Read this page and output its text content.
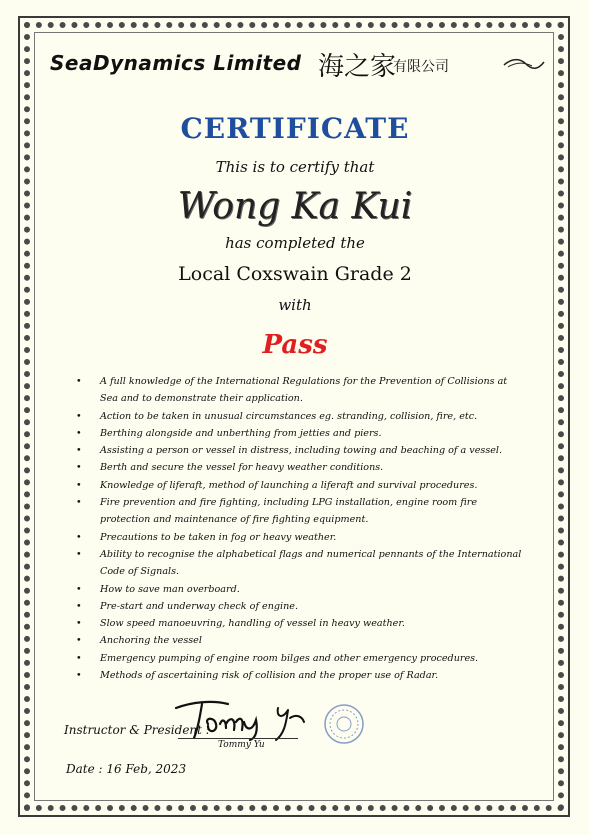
SeaDynamics Limited 海之家
有限公司
CERTIFICATE
This is to certify that
Wong Ka Kui
has completed the
Local Coxswain Grade 2
with
Pass
• A full knowledge of the International Regulations for the Prevention of Collisions at Sea and to demonstrate their application.
• Action to be taken in unusual circumstances eg. stranding, collision, fire, etc.
• Berthing alongside and unberthing from jetties and piers.
• Assisting a person or vessel in distress, including towing and beaching of a vessel.
• Berth and secure the vessel for heavy weather conditions.
• Knowledge of liferaft, method of launching a liferaft and survival procedures.
• Fire prevention and fire fighting, including LPG installation, engine room fire protection and maintenance of fire fighting equipment.
• Precautions to be taken in fog or heavy weather.
• Ability to recognise the alphabetical flags and numerical pennants of the International Code of Signals.
• How to save man overboard.
• Pre-start and underway check of engine.
• Slow speed manoeuvring, handling of vessel in heavy weather.
• Anchoring the vessel
• Emergency pumping of engine room bilges and other emergency procedures.
• Methods of ascertaining risk of collision and the proper use of Radar.
Instructor & President :
Tommy Yu
Date : 16 Feb, 2023
